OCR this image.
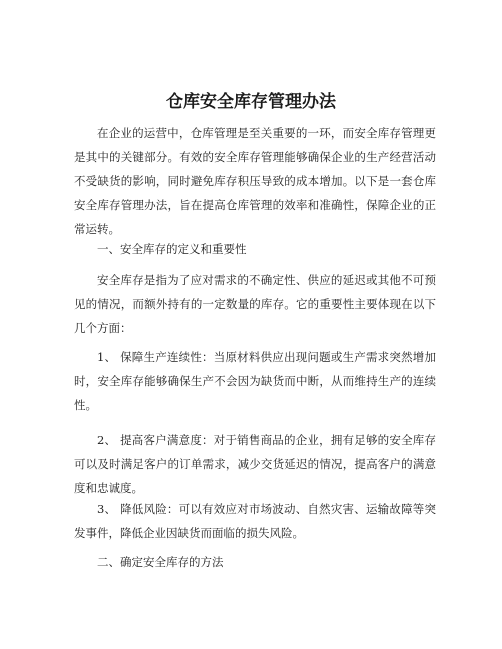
仓库安全库存管理办法

在企业的运营中，仓库管理是至关重要的一环，而安全库存管理更是其中的关键部分。有效的安全库存管理能够确保企业的生产经营活动不受缺货的影响，同时避免库存积压导致的成本增加。以下是一套仓库安全库存管理办法，旨在提高仓库管理的效率和准确性，保障企业的正常运转。

一、安全库存的定义和重要性

安全库存是指为了应对需求的不确定性、供应的延迟或其他不可预见的情况，而额外持有的一定数量的库存。它的重要性主要体现在以下几个方面：

1、 保障生产连续性：当原材料供应出现问题或生产需求突然增加时，安全库存能够确保生产不会因为缺货而中断，从而维持生产的连续性。

2、 提高客户满意度：对于销售商品的企业，拥有足够的安全库存可以及时满足客户的订单需求，减少交货延迟的情况，提高客户的满意度和忠诚度。

3、 降低风险：可以有效应对市场波动、自然灾害、运输故障等突发事件，降低企业因缺货而面临的损失风险。

二、确定安全库存的方法
